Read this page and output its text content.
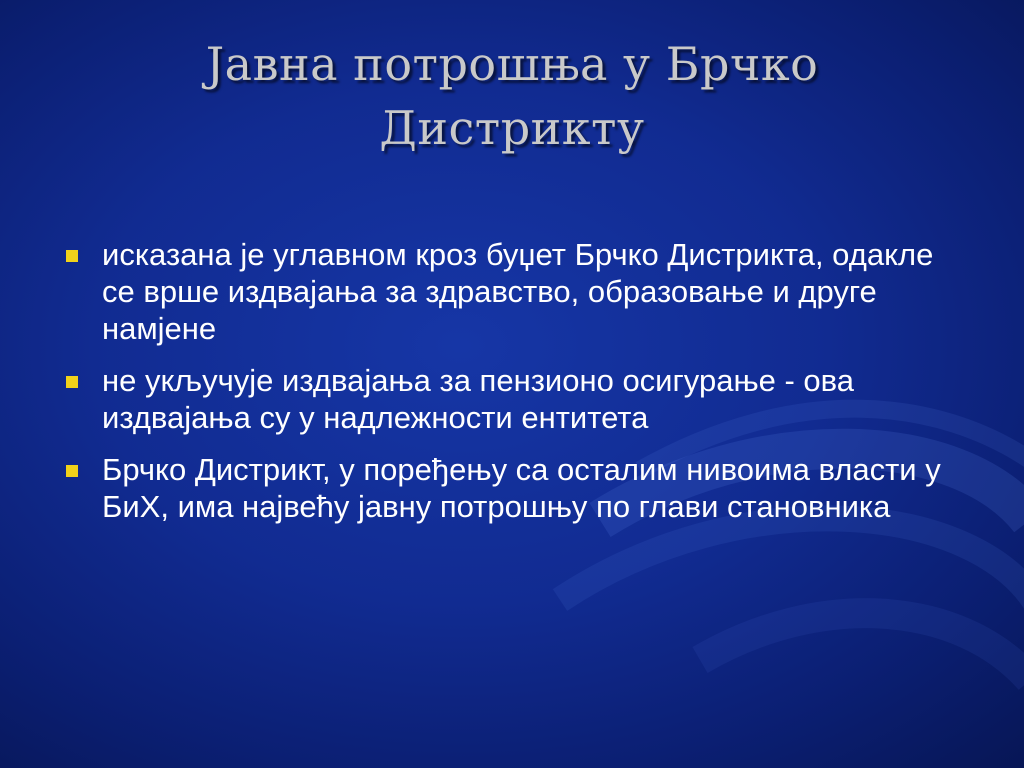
Јавна потрошња у Брчко Дистрикту
исказана је углавном кроз буџет Брчко Дистрикта, одакле се врше издвајања за здравство, образовање и друге намјене
не укључује издвајања за пензионо осигурање - ова издвајања су у надлежности ентитета
Брчко Дистрикт, у поређењу са осталим нивоима власти у БиХ, има највећу јавну потрошњу по глави становника
